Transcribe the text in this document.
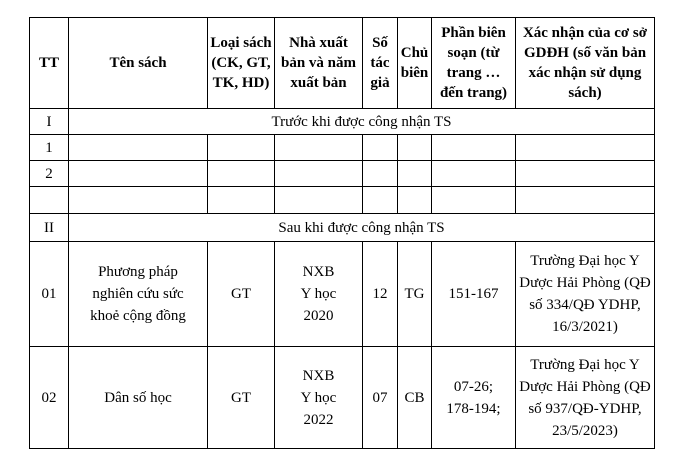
TT	Tên sách	Loại sách (CK, GT, TK, HD)	Nhà xuất bản và năm xuất bản	Số tác giả	Chủ biên	Phần biên soạn (từ trang … đến trang)	Xác nhận của cơ sở GDĐH (số văn bản xác nhận sử dụng sách)
I	Trước khi được công nhận TS						
1							
2							

II	Sau khi được công nhận TS						
01	Phương pháp nghiên cứu sức khoẻ cộng đồng	GT	NXB Y học 2020	12	TG	151-167	Trường Đại học Y Dược Hải Phòng (QĐ số 334/QĐ YDHP, 16/3/2021)
02	Dân số học	GT	NXB Y học 2022	07	CB	07-26; 178-194;	Trường Đại học Y Dược Hải Phòng (QĐ số 937/QĐ-YDHP, 23/5/2023)
